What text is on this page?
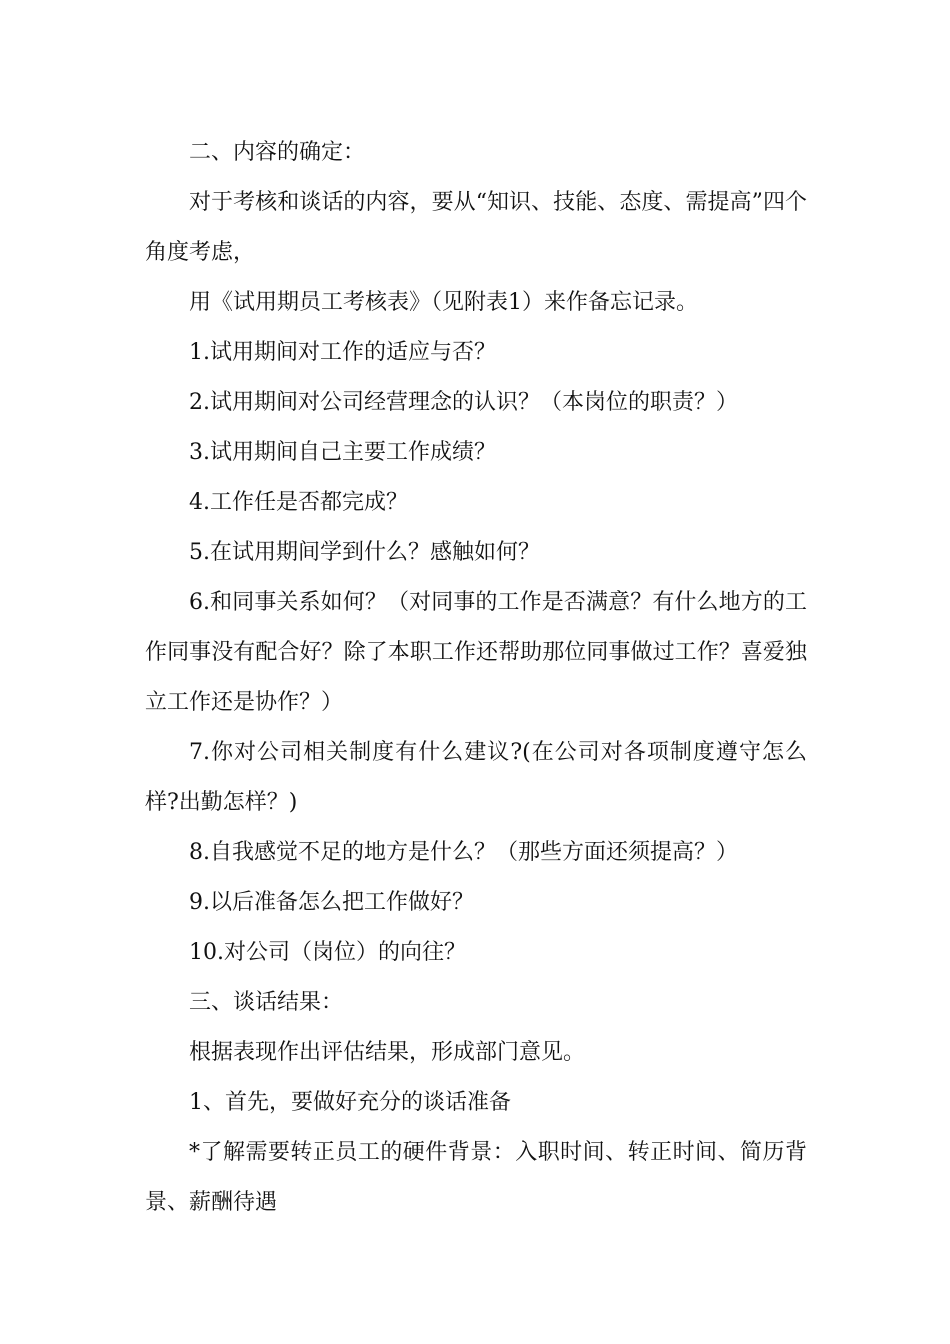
二、内容的确定：

对于考核和谈话的内容，要从“知识、技能、态度、需提高”四个角度考虑，

用《试用期员工考核表》（见附表1）来作备忘记录。

1.试用期间对工作的适应与否？

2.试用期间对公司经营理念的认识？（本岗位的职责？）

3.试用期间自己主要工作成绩？

4.工作任是否都完成？

5.在试用期间学到什么？感触如何？

6.和同事关系如何？（对同事的工作是否满意？有什么地方的工作同事没有配合好？除了本职工作还帮助那位同事做过工作？喜爱独立工作还是协作？）

7.你对公司相关制度有什么建议?(在公司对各项制度遵守怎么样?出勤怎样？)

8.自我感觉不足的地方是什么？（那些方面还须提高？）

9.以后准备怎么把工作做好？

10.对公司（岗位）的向往？

三、谈话结果：

根据表现作出评估结果，形成部门意见。

1、首先，要做好充分的谈话准备

*了解需要转正员工的硬件背景：入职时间、转正时间、简历背景、薪酬待遇
